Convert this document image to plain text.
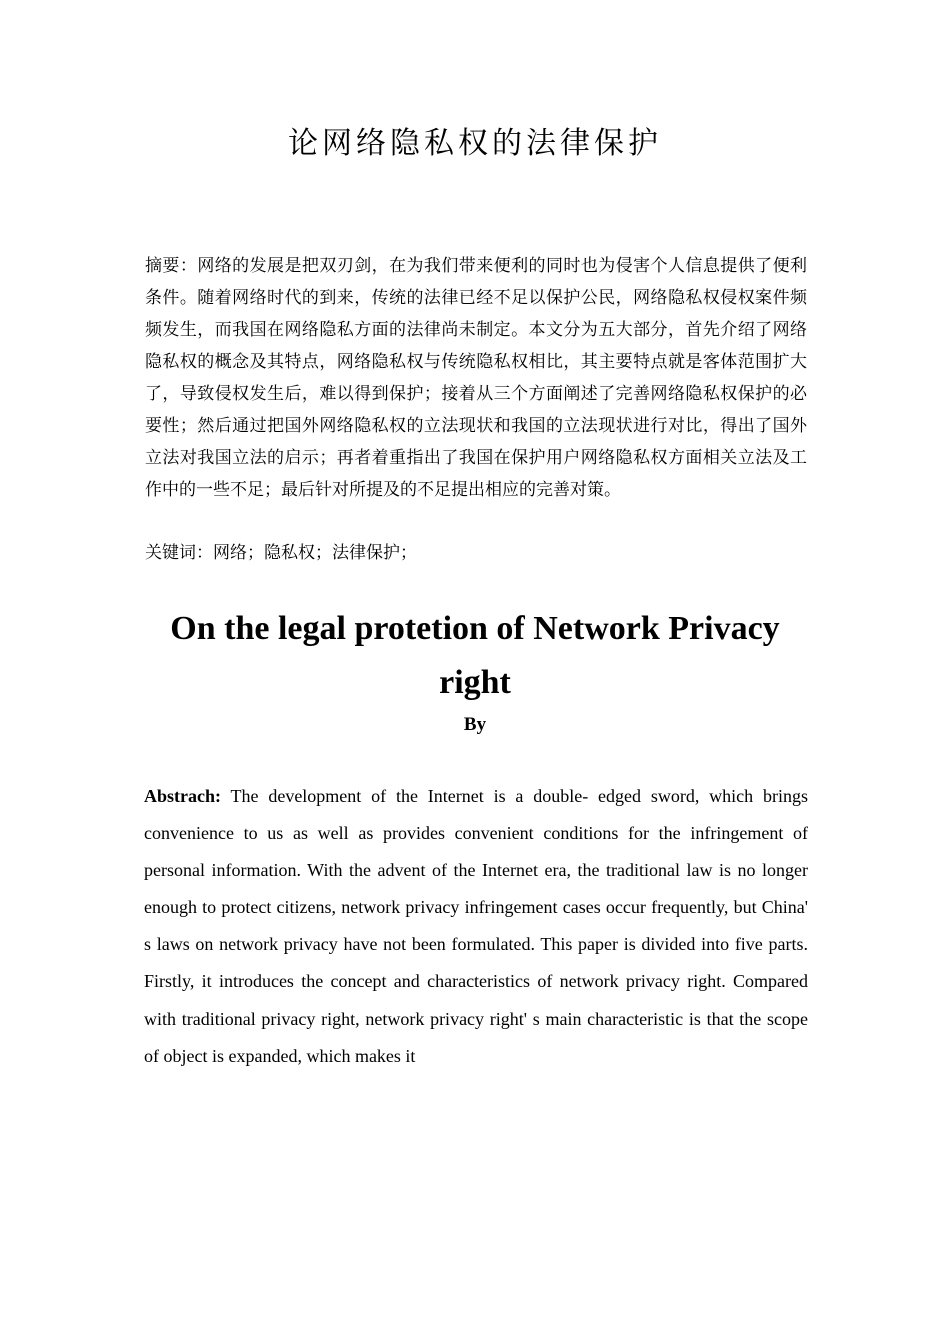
论网络隐私权的法律保护
摘要：网络的发展是把双刃剑，在为我们带来便利的同时也为侵害个人信息提供了便利条件。随着网络时代的到来，传统的法律已经不足以保护公民，网络隐私权侵权案件频频发生，而我国在网络隐私方面的法律尚未制定。本文分为五大部分，首先介绍了网络隐私权的概念及其特点，网络隐私权与传统隐私权相比，其主要特点就是客体范围扩大了，导致侵权发生后，难以得到保护；接着从三个方面阐述了完善网络隐私权保护的必要性；然后通过把国外网络隐私权的立法现状和我国的立法现状进行对比，得出了国外立法对我国立法的启示；再者着重指出了我国在保护用户网络隐私权方面相关立法及工作中的一些不足；最后针对所提及的不足提出相应的完善对策。
关键词：网络；隐私权；法律保护；
On the legal protetion of Network Privacy right
By
Abstrach: The development of the Internet is a double- edged sword, which brings convenience to us as well as provides convenient conditions for the infringement of personal information. With the advent of the Internet era, the traditional law is no longer enough to protect citizens, network privacy infringement cases occur frequently, but China' s laws on network privacy have not been formulated. This paper is divided into five parts. Firstly, it introduces the concept and characteristics of network privacy right. Compared with traditional privacy right, network privacy right' s main characteristic is that the scope of object is expanded, which makes it
